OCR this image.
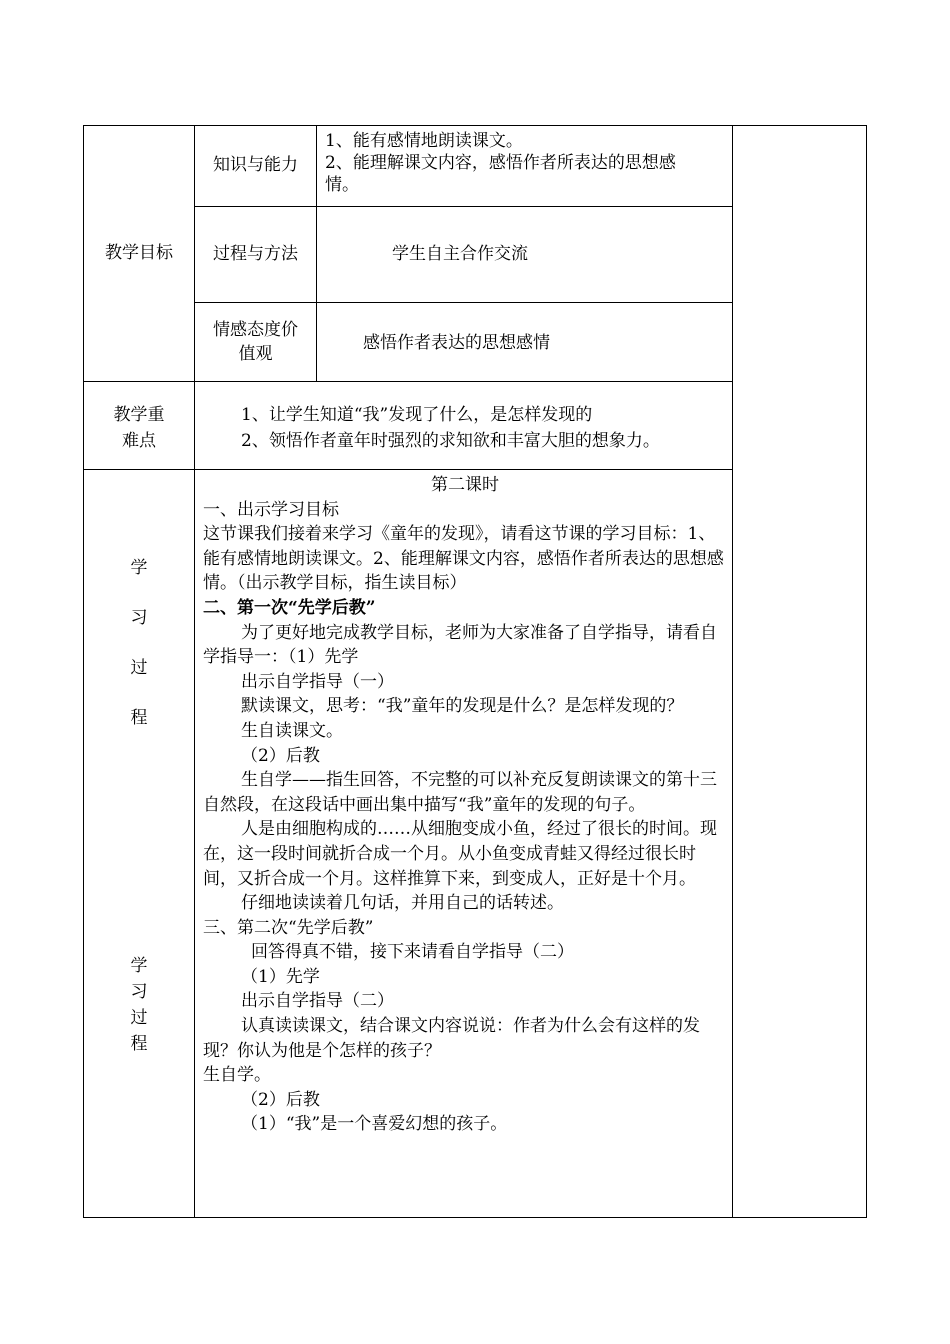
教学目标
知识与能力
1、能有感情地朗读课文。
2、能理解课文内容，感悟作者所表达的思想感
情。
过程与方法	学生自主合作交流
情感态度价
值观
感悟作者表达的思想感情
教学重
难点
1、让学生知道“我”发现了什么，是怎样发现的
2、领悟作者童年时强烈的求知欲和丰富大胆的想象力。
学
习
过
程
学
习
过
程

第二课时

一、出示学习目标

这节课我们接着来学习《童年的发现》，请看这节课的学习目标：1、能有感情地朗读课文。2、能理解课文内容，感悟作者所表达的思想感情。（出示教学目标，指生读目标）

二、第一次“先学后教”

为了更好地完成教学目标，老师为大家准备了自学指导，请看自学指导一：（1）先学

出示自学指导（一）

默读课文，思考：“我”童年的发现是什么？是怎样发现的？

生自读课文。

（2）后教

生自学——指生回答，不完整的可以补充反复朗读课文的第十三自然段，在这段话中画出集中描写“我”童年的发现的句子。

人是由细胞构成的……从细胞变成小鱼，经过了很长的时间。现在，这一段时间就折合成一个月。从小鱼变成青蛙又得经过很长时间，又折合成一个月。这样推算下来，到变成人，正好是十个月。

仔细地读读着几句话，并用自己的话转述。

三、第二次“先学后教”

回答得真不错，接下来请看自学指导（二）

（1）先学

出示自学指导（二）

认真读读课文，结合课文内容说说：作者为什么会有这样的发现？你认为他是个怎样的孩子？

生自学。

（2）后教

（1）“我”是一个喜爱幻想的孩子。
